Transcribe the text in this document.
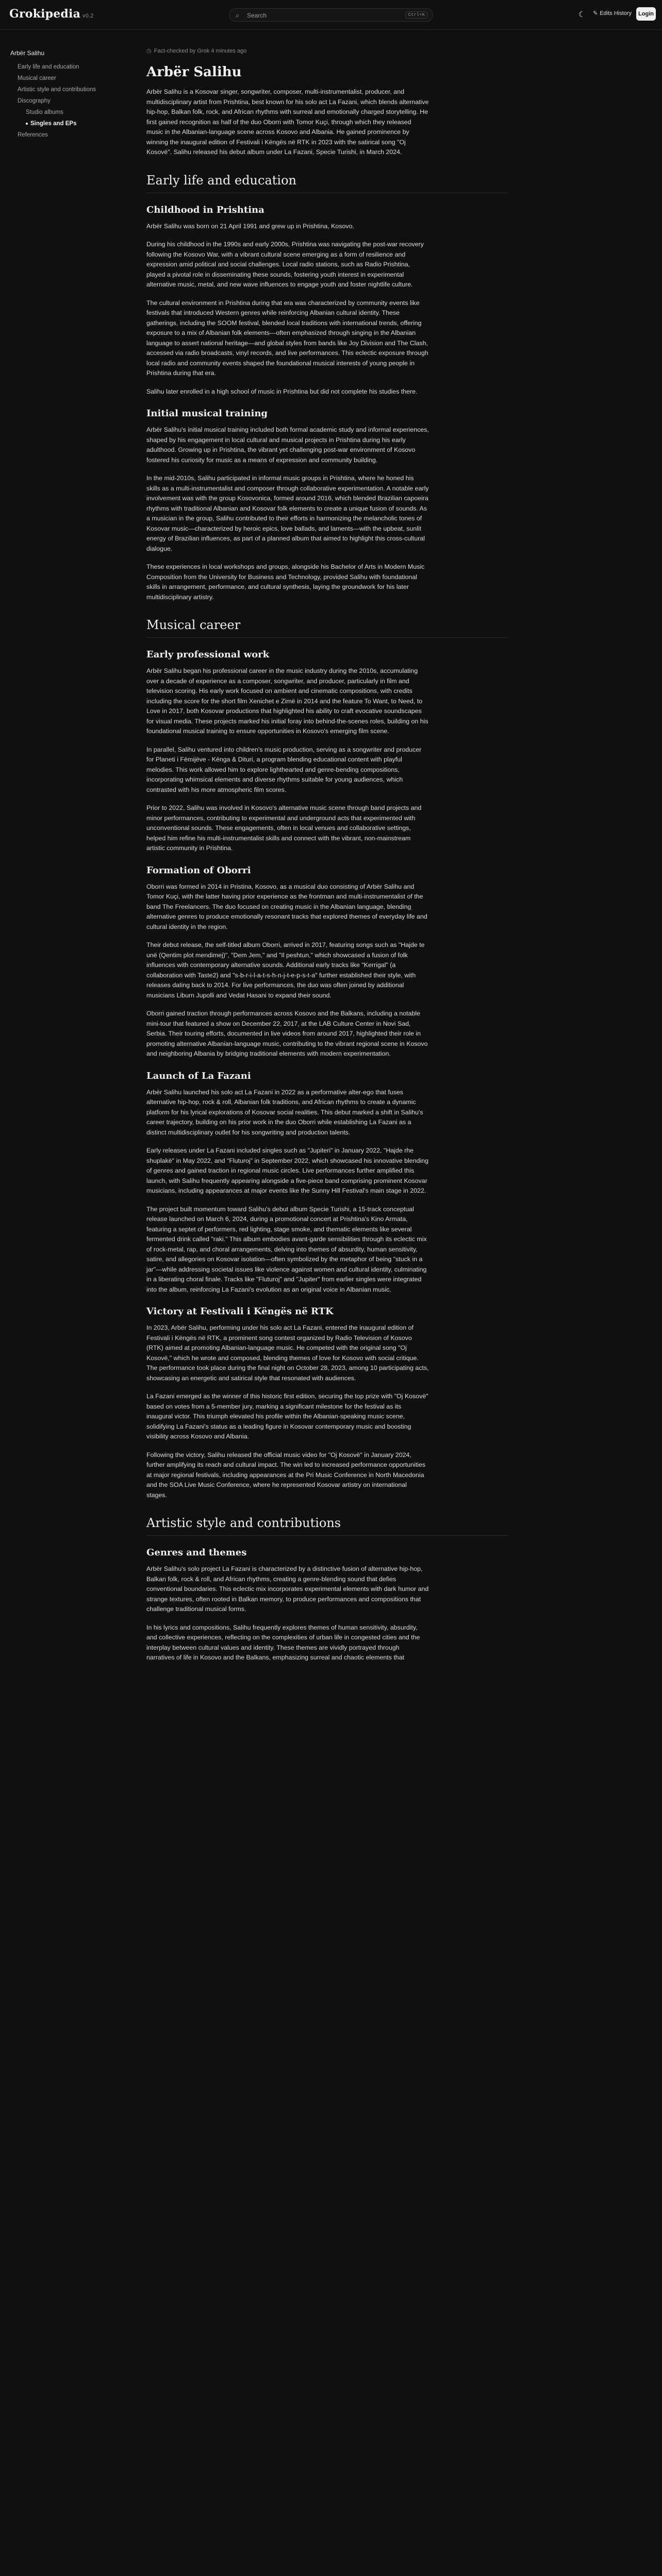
Grokipedia v0.2	⌕
Search	Ctrl+K	☾ ✎ Edits History	Login
Arbër Salihu
Early life and education
Musical career
Artistic style and contributions
Discography
Studio albums
Singles and EPs
References
◷ Fact-checked by Grok 4 minutes ago
Arbër Salihu

Arbër Salihu is a Kosovar singer, songwriter, composer, multi-instrumentalist, producer, and multidisciplinary artist from Prishtina, best known for his solo act La Fazani, which blends alternative hip-hop, Balkan folk, rock, and African rhythms with surreal and emotionally charged storytelling. He first gained recognition as half of the duo Oborri with Tomor Kuçi, through which they released music in the Albanian-language scene across Kosovo and Albania. He gained prominence by winning the inaugural edition of Festivali i Këngës në RTK in 2023 with the satirical song "Oj Kosovë". Salihu released his debut album under La Fazani, Specie Turishi, in March 2024.

Early life and education
Childhood in Prishtina

Arbër Salihu was born on 21 April 1991 and grew up in Prishtina, Kosovo.

During his childhood in the 1990s and early 2000s, Prishtina was navigating the post-war recovery following the Kosovo War, with a vibrant cultural scene emerging as a form of resilience and expression amid political and social challenges. Local radio stations, such as Radio Prishtina, played a pivotal role in disseminating these sounds, fostering youth interest in experimental alternative music, metal, and new wave influences to engage youth and foster nightlife culture.

The cultural environment in Prishtina during that era was characterized by community events like festivals that introduced Western genres while reinforcing Albanian cultural identity. These gatherings, including the SOOM festival, blended local traditions with international trends, offering exposure to a mix of Albanian folk elements—often emphasized through singing in the Albanian language to assert national heritage—and global styles from bands like Joy Division and The Clash, accessed via radio broadcasts, vinyl records, and live performances. This eclectic exposure through local radio and community events shaped the foundational musical interests of young people in Prishtina during that era.

Salihu later enrolled in a high school of music in Prishtina but did not complete his studies there.

Initial musical training

Arbër Salihu's initial musical training included both formal academic study and informal experiences, shaped by his engagement in local cultural and musical projects in Prishtina during his early adulthood. Growing up in Prishtina, the vibrant yet challenging post-war environment of Kosovo fostered his curiosity for music as a means of expression and community building.

In the mid-2010s, Salihu participated in informal music groups in Prishtina, where he honed his skills as a multi-instrumentalist and composer through collaborative experimentation. A notable early involvement was with the group Kosovonica, formed around 2016, which blended Brazilian capoeira rhythms with traditional Albanian and Kosovar folk elements to create a unique fusion of sounds. As a musician in the group, Salihu contributed to their efforts in harmonizing the melancholic tones of Kosovar music—characterized by heroic epics, love ballads, and laments—with the upbeat, sunlit energy of Brazilian influences, as part of a planned album that aimed to highlight this cross-cultural dialogue.

These experiences in local workshops and groups, alongside his Bachelor of Arts in Modern Music Composition from the University for Business and Technology, provided Salihu with foundational skills in arrangement, performance, and cultural synthesis, laying the groundwork for his later multidisciplinary artistry.

Musical career
Early professional work

Arbër Salihu began his professional career in the music industry during the 2010s, accumulating over a decade of experience as a composer, songwriter, and producer, particularly in film and television scoring. His early work focused on ambient and cinematic compositions, with credits including the score for the short film Xenichet e Zimë in 2014 and the feature To Want, to Need, to Love in 2017, both Kosovar productions that highlighted his ability to craft evocative soundscapes for visual media. These projects marked his initial foray into behind-the-scenes roles, building on his foundational musical training to ensure opportunities in Kosovo's emerging film scene.

In parallel, Salihu ventured into children's music production, serving as a songwriter and producer for Planeti i Fëmijëve - Kënga & Dituri, a program blending educational content with playful melodies. This work allowed him to explore lighthearted and genre-bending compositions, incorporating whimsical elements and diverse rhythms suitable for young audiences, which contrasted with his more atmospheric film scores.

Prior to 2022, Salihu was involved in Kosovo's alternative music scene through band projects and minor performances, contributing to experimental and underground acts that experimented with unconventional sounds. These engagements, often in local venues and collaborative settings, helped him refine his multi-instrumentalist skills and connect with the vibrant, non-mainstream artistic community in Prishtina.

Formation of Oborri

Oborri was formed in 2014 in Pristina, Kosovo, as a musical duo consisting of Arbër Salihu and Tomor Kuçi, with the latter having prior experience as the frontman and multi-instrumentalist of the band The Freelancers. The duo focused on creating music in the Albanian language, blending alternative genres to produce emotionally resonant tracks that explored themes of everyday life and cultural identity in the region.

Their debut release, the self-titled album Oborri, arrived in 2017, featuring songs such as "Hajde te unë (Qentim plot mendimej)", "Dem Jem," and "Il peshtun," which showcased a fusion of folk influences with contemporary alternative sounds. Additional early tracks like "Kerrigal" (a collaboration with Taste2) and "s-b-r-i-l-a-t-s-h-n-j-t-e-p-s-t-a" further established their style, with releases dating back to 2014. For live performances, the duo was often joined by additional musicians Liburn Jupolli and Vedat Hasani to expand their sound.

Oborri gained traction through performances across Kosovo and the Balkans, including a notable mini-tour that featured a show on December 22, 2017, at the LAB Culture Center in Novi Sad, Serbia. Their touring efforts, documented in live videos from around 2017, highlighted their role in promoting alternative Albanian-language music, contributing to the vibrant regional scene in Kosovo and neighboring Albania by bridging traditional elements with modern experimentation.

Launch of La Fazani

Arbër Salihu launched his solo act La Fazani in 2022 as a performative alter-ego that fuses alternative hip-hop, rock & roll, Albanian folk traditions, and African rhythms to create a dynamic platform for his lyrical explorations of Kosovar social realities. This debut marked a shift in Salihu's career trajectory, building on his prior work in the duo Oborri while establishing La Fazani as a distinct multidisciplinary outlet for his songwriting and production talents.

Early releases under La Fazani included singles such as "Jupiteri" in January 2022, "Hajde rhe shuplakë" in May 2022, and "Fluturoj" in September 2022, which showcased his innovative blending of genres and gained traction in regional music circles. Live performances further amplified this launch, with Salihu frequently appearing alongside a five-piece band comprising prominent Kosovar musicians, including appearances at major events like the Sunny Hill Festival's main stage in 2022.

The project built momentum toward Salihu's debut album Specie Turishi, a 15-track conceptual release launched on March 6, 2024, during a promotional concert at Prishtina's Kino Armata, featuring a septet of performers, red lighting, stage smoke, and thematic elements like several fermented drink called "raki." This album embodies avant-garde sensibilities through its eclectic mix of rock-metal, rap, and choral arrangements, delving into themes of absurdity, human sensitivity, satire, and allegories on Kosovar isolation—often symbolized by the metaphor of being "stuck in a jar"—while addressing societal issues like violence against women and cultural identity, culminating in a liberating choral finale. Tracks like "Fluturoj" and "Jupiter" from earlier singles were integrated into the album, reinforcing La Fazani's evolution as an original voice in Albanian music.

Victory at Festivali i Këngës në RTK

In 2023, Arbër Salihu, performing under his solo act La Fazani, entered the inaugural edition of Festivali i Këngës në RTK, a prominent song contest organized by Radio Television of Kosovo (RTK) aimed at promoting Albanian-language music. He competed with the original song "Oj Kosovë," which he wrote and composed, blending themes of love for Kosovo with social critique. The performance took place during the final night on October 28, 2023, among 10 participating acts, showcasing an energetic and satirical style that resonated with audiences.

La Fazani emerged as the winner of this historic first edition, securing the top prize with "Oj Kosovë" based on votes from a 5-member jury, marking a significant milestone for the festival as its inaugural victor. This triumph elevated his profile within the Albanian-speaking music scene, solidifying La Fazani's status as a leading figure in Kosovar contemporary music and boosting visibility across Kosovo and Albania.

Following the victory, Salihu released the official music video for "Oj Kosovë" in January 2024, further amplifying its reach and cultural impact. The win led to increased performance opportunities at major regional festivals, including appearances at the Pri Music Conference in North Macedonia and the SOA Live Music Conference, where he represented Kosovar artistry on international stages.

Artistic style and contributions
Genres and themes

Arbër Salihu's solo project La Fazani is characterized by a distinctive fusion of alternative hip-hop, Balkan folk, rock & roll, and African rhythms, creating a genre-blending sound that defies conventional boundaries. This eclectic mix incorporates experimental elements with dark humor and strange textures, often rooted in Balkan memory, to produce performances and compositions that challenge traditional musical forms.

In his lyrics and compositions, Salihu frequently explores themes of human sensitivity, absurdity, and collective experiences, reflecting on the complexities of urban life in congested cities and the interplay between cultural values and identity. These themes are vividly portrayed through narratives of life in Kosovo and the Balkans, emphasizing surreal and chaotic elements that
